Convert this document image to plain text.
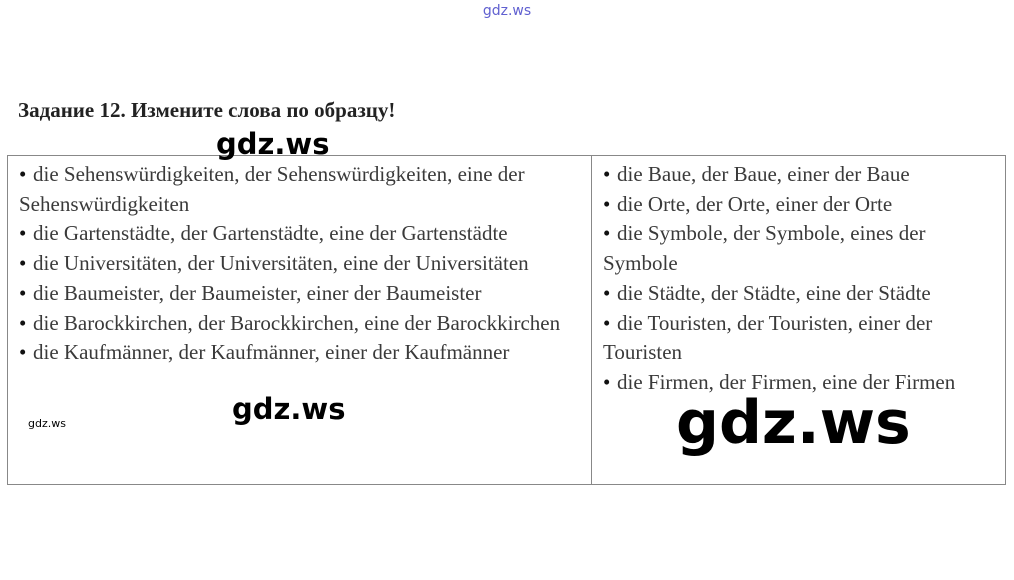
gdz.ws
Задание 12. Измените слова по образцу!
• die Sehenswürdigkeiten, der Sehenswürdigkeiten, eine der Sehenswürdigkeiten
• die Gartenstädte, der Gartenstädte, eine der Gartenstädte
• die Universitäten, der Universitäten, eine der Universitäten
• die Baumeister, der Baumeister, einer der Baumeister
• die Barockkirchen, der Barockkirchen, eine der Barockkirchen
• die Kaufmänner, der Kaufmänner, einer der Kaufmänner

• die Baue, der Baue, einer der Baue
• die Orte, der Orte, einer der Orte
• die Symbole, der Symbole, eines der Symbole
• die Städte, der Städte, eine der Städte
• die Touristen, der Touristen, einer der Touristen
• die Firmen, der Firmen, eine der Firmen
gdz.ws
gdz.ws
gdz.ws	gdz.ws
